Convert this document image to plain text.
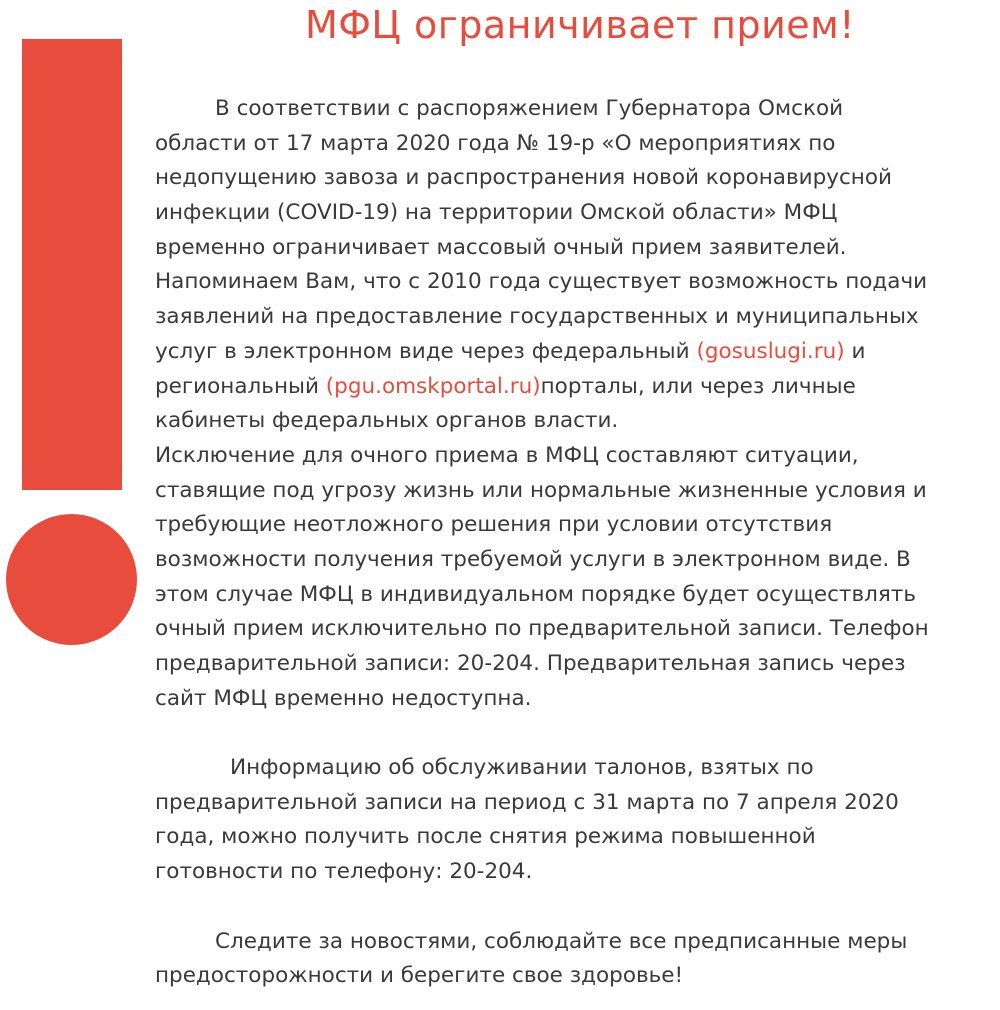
МФЦ ограничивает прием!
В соответствии с распоряжением Губернатора Омской
области от 17 марта 2020 года № 19-р «О мероприятиях по
недопущению завоза и распространения новой коронавирусной
инфекции (COVID-19) на территории Омской области» МФЦ
временно ограничивает массовый очный прием заявителей.
Напоминаем Вам, что с 2010 года существует возможность подачи
заявлений на предоставление государственных и муниципальных
услуг в электронном виде через федеральный (gosuslugi.ru) и
региональный (pgu.omskportal.ru)порталы, или через личные
кабинеты федеральных органов власти.
Исключение для очного приема в МФЦ составляют ситуации,
ставящие под угрозу жизнь или нормальные жизненные условия и
требующие неотложного решения при условии отсутствия
возможности получения требуемой услуги в электронном виде. В
этом случае МФЦ в индивидуальном порядке будет осуществлять
очный прием исключительно по предварительной записи. Телефон
предварительной записи: 20-204. Предварительная запись через
сайт МФЦ временно недоступна.
Информацию об обслуживании талонов, взятых по
предварительной записи на период с 31 марта по 7 апреля 2020
года, можно получить после снятия режима повышенной
готовности по телефону: 20-204.
Следите за новостями, соблюдайте все предписанные меры
предосторожности и берегите свое здоровье!
